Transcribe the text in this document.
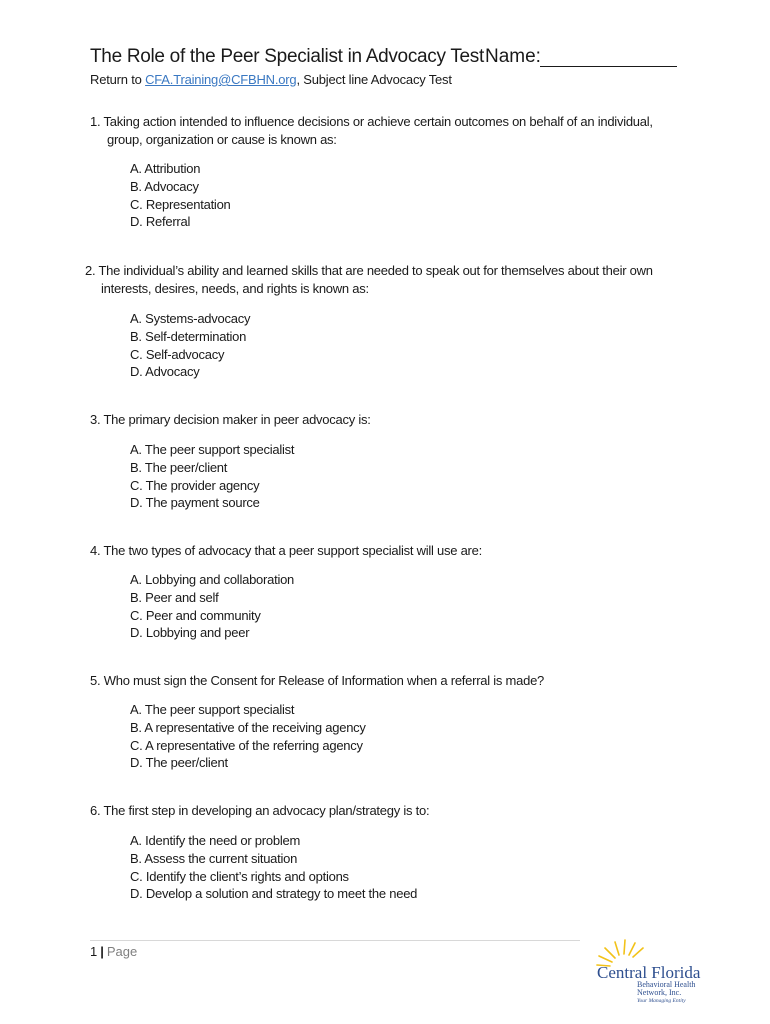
The Role of the Peer Specialist in Advocacy Test Name:
Return to CFA.Training@CFBHN.org, Subject line Advocacy Test
1. Taking action intended to influence decisions or achieve certain outcomes on behalf of an individual,
group, organization or cause is known as:
A. Attribution
B. Advocacy
C. Representation
D. Referral
2. The individual’s ability and learned skills that are needed to speak out for themselves about their own
interests, desires, needs, and rights is known as:
A. Systems-advocacy
B. Self-determination
C. Self-advocacy
D. Advocacy
3. The primary decision maker in peer advocacy is:
A. The peer support specialist
B. The peer/client
C. The provider agency
D. The payment source
4. The two types of advocacy that a peer support specialist will use are:
A. Lobbying and collaboration
B. Peer and self
C. Peer and community
D. Lobbying and peer
5. Who must sign the Consent for Release of Information when a referral is made?
A. The peer support specialist
B. A representative of the receiving agency
C. A representative of the referring agency
D. The peer/client
6. The first step in developing an advocacy plan/strategy is to:
A. Identify the need or problem
B. Assess the current situation
C. Identify the client’s rights and options
D. Develop a solution and strategy to meet the need
1 | Page
Central Florida
Behavioral Health
Network, Inc.
Your Managing Entity
